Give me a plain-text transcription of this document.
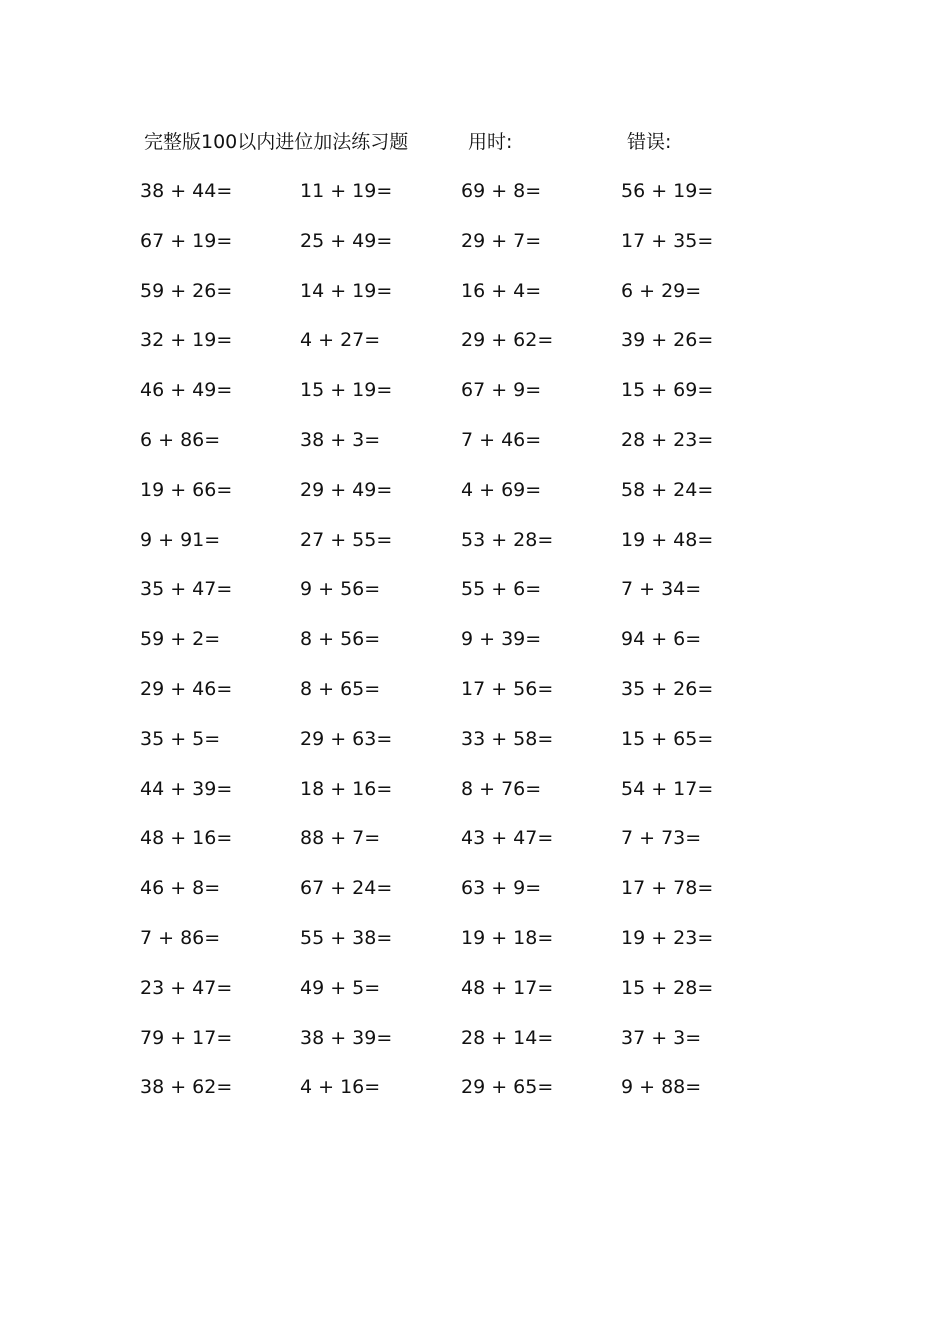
完整版100以内进位加法练习题	用时:	错误:
38 + 44=	11 + 19=	69 + 8=	56 + 19=
67 + 19=	25 + 49=	29 + 7=	17 + 35=
59 + 26=	14 + 19=	16 + 4=	6 + 29=
32 + 19=	4 + 27=	29 + 62=	39 + 26=
46 + 49=	15 + 19=	67 + 9=	15 + 69=
6 + 86=	38 + 3=	7 + 46=	28 + 23=
19 + 66=	29 + 49=	4 + 69=	58 + 24=
9 + 91=	27 + 55=	53 + 28=	19 + 48=
35 + 47=	9 + 56=	55 + 6=	7 + 34=
59 + 2=	8 + 56=	9 + 39=	94 + 6=
29 + 46=	8 + 65=	17 + 56=	35 + 26=
35 + 5=	29 + 63=	33 + 58=	15 + 65=
44 + 39=	18 + 16=	8 + 76=	54 + 17=
48 + 16=	88 + 7=	43 + 47=	7 + 73=
46 + 8=	67 + 24=	63 + 9=	17 + 78=
7 + 86=	55 + 38=	19 + 18=	19 + 23=
23 + 47=	49 + 5=	48 + 17=	15 + 28=
79 + 17=	38 + 39=	28 + 14=	37 + 3=
38 + 62=	4 + 16=	29 + 65=	9 + 88=
